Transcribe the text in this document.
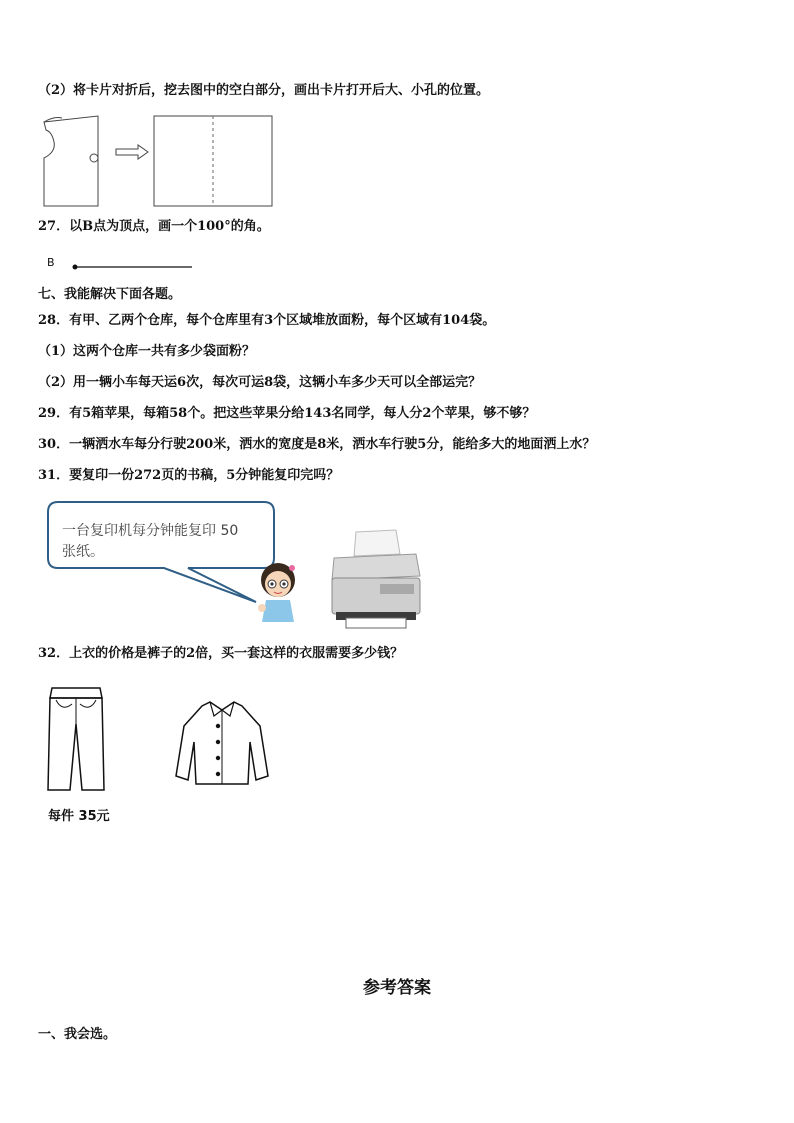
（2）将卡片对折后，挖去图中的空白部分，画出卡片打开后大、小孔的位置。
27．以B点为顶点，画一个100°的角。
B
七、我能解决下面各题。
28．有甲、乙两个仓库，每个仓库里有3个区域堆放面粉，每个区域有104袋。
（1）这两个仓库一共有多少袋面粉？
（2）用一辆小车每天运6次，每次可运8袋，这辆小车多少天可以全部运完？
29．有5箱苹果，每箱58个。把这些苹果分给143名同学，每人分2个苹果，够不够？
30．一辆洒水车每分行驶200米，洒水的宽度是8米，洒水车行驶5分，能给多大的地面洒上水？
31．要复印一份272页的书稿，5分钟能复印完吗？
一台复印机每分钟能复印 50
张纸。
32．上衣的价格是裤子的2倍，买一套这样的衣服需要多少钱？
每件 35元
参考答案
一、我会选。
